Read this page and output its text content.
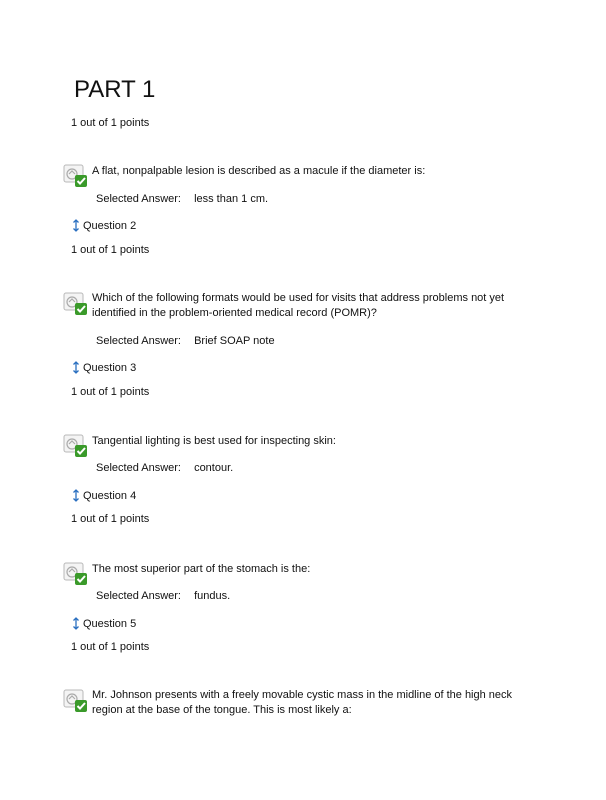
PART 1
1 out of 1 points
A flat, nonpalpable lesion is described as a macule if the diameter is:
Selected Answer: less than 1 cm.
Question 2
1 out of 1 points
Which of the following formats would be used for visits that address problems not yet identified in the problem-oriented medical record (POMR)?
Selected Answer: Brief SOAP note
Question 3
1 out of 1 points
Tangential lighting is best used for inspecting skin:
Selected Answer: contour.
Question 4
1 out of 1 points
The most superior part of the stomach is the:
Selected Answer: fundus.
Question 5
1 out of 1 points
Mr. Johnson presents with a freely movable cystic mass in the midline of the high neck region at the base of the tongue. This is most likely a:
